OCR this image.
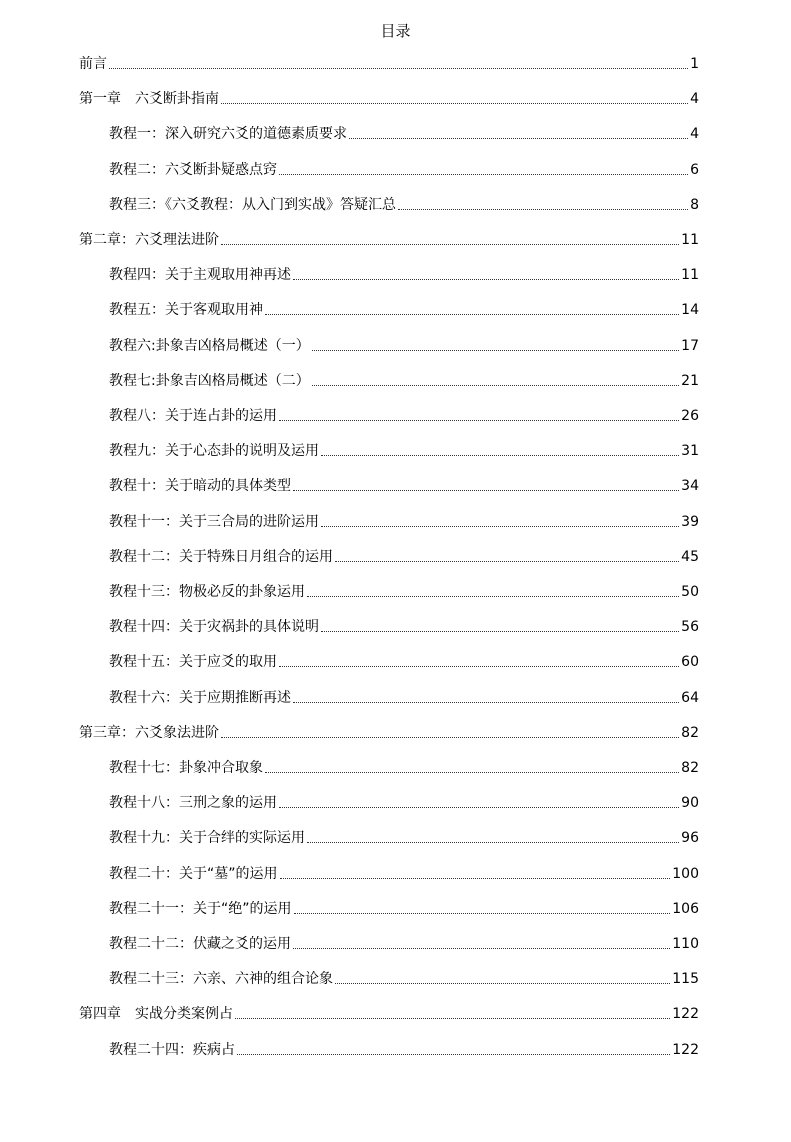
目录
前言	1
第一章　六爻断卦指南	4
教程一：深入研究六爻的道德素质要求	4
教程二：六爻断卦疑惑点窍	6
教程三：《六爻教程：从入门到实战》答疑汇总	8
第二章：六爻理法进阶	11
教程四：关于主观取用神再述	11
教程五：关于客观取用神	14
教程六:卦象吉凶格局概述（一）	17
教程七:卦象吉凶格局概述（二）	21
教程八：关于连占卦的运用	26
教程九：关于心态卦的说明及运用	31
教程十：关于暗动的具体类型	34
教程十一：关于三合局的进阶运用	39
教程十二：关于特殊日月组合的运用	45
教程十三：物极必反的卦象运用	50
教程十四：关于灾祸卦的具体说明	56
教程十五：关于应爻的取用	60
教程十六：关于应期推断再述	64
第三章：六爻象法进阶	82
教程十七：卦象冲合取象	82
教程十八：三刑之象的运用	90
教程十九：关于合绊的实际运用	96
教程二十：关于“墓”的运用	100
教程二十一：关于“绝”的运用	106
教程二十二：伏藏之爻的运用	110
教程二十三：六亲、六神的组合论象	115
第四章　实战分类案例占	122
教程二十四：疾病占	122
